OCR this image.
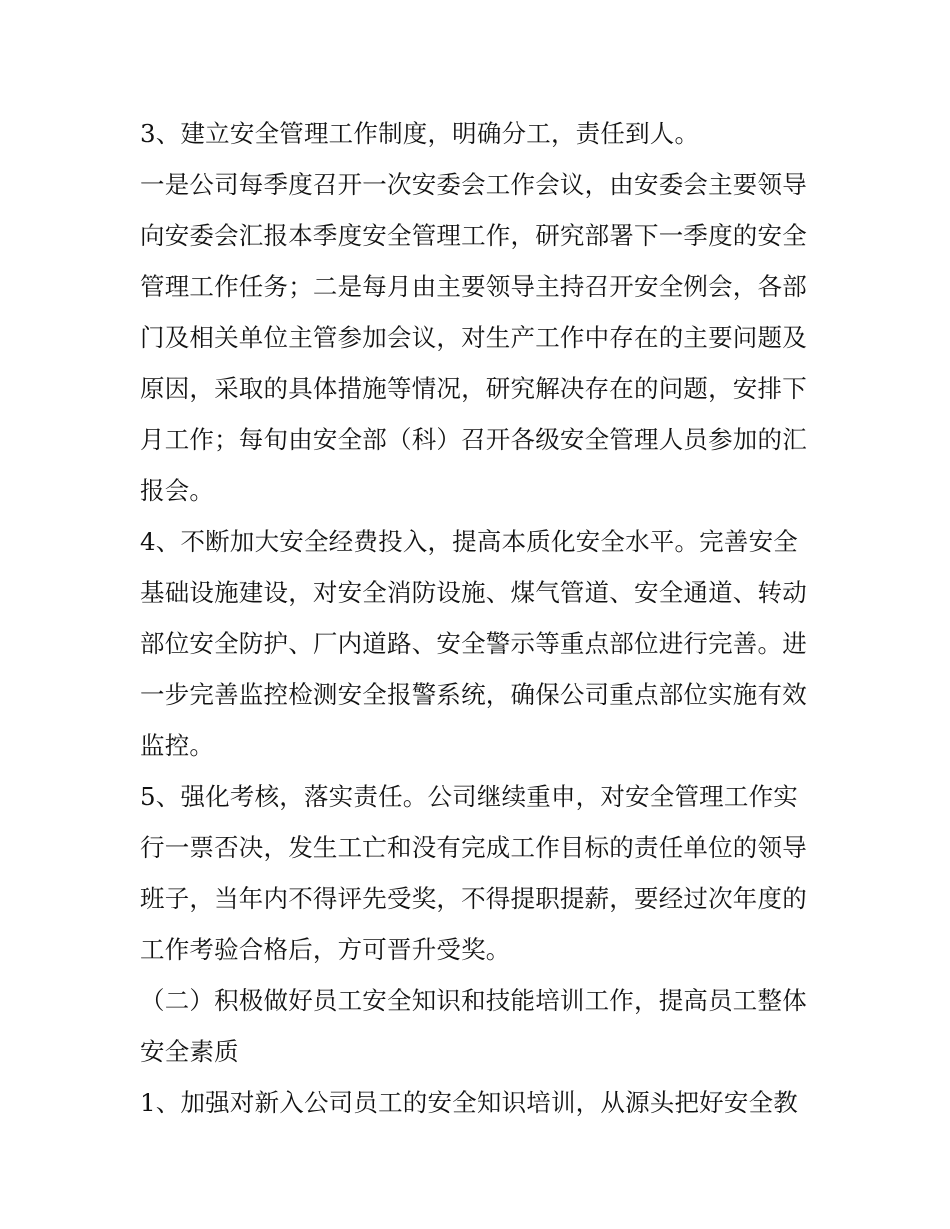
3、建立安全管理工作制度，明确分工，责任到人。
一是公司每季度召开一次安委会工作会议，由安委会主要领导
向安委会汇报本季度安全管理工作，研究部署下一季度的安全
管理工作任务；二是每月由主要领导主持召开安全例会，各部
门及相关单位主管参加会议，对生产工作中存在的主要问题及
原因，采取的具体措施等情况，研究解决存在的问题，安排下
月工作；每旬由安全部（科）召开各级安全管理人员参加的汇
报会。
4、不断加大安全经费投入，提高本质化安全水平。完善安全
基础设施建设，对安全消防设施、煤气管道、安全通道、转动
部位安全防护、厂内道路、安全警示等重点部位进行完善。进
一步完善监控检测安全报警系统，确保公司重点部位实施有效
监控。
5、强化考核，落实责任。公司继续重申，对安全管理工作实
行一票否决，发生工亡和没有完成工作目标的责任单位的领导
班子，当年内不得评先受奖，不得提职提薪，要经过次年度的
工作考验合格后，方可晋升受奖。
（二）积极做好员工安全知识和技能培训工作，提高员工整体
安全素质
1、加强对新入公司员工的安全知识培训，从源头把好安全教
